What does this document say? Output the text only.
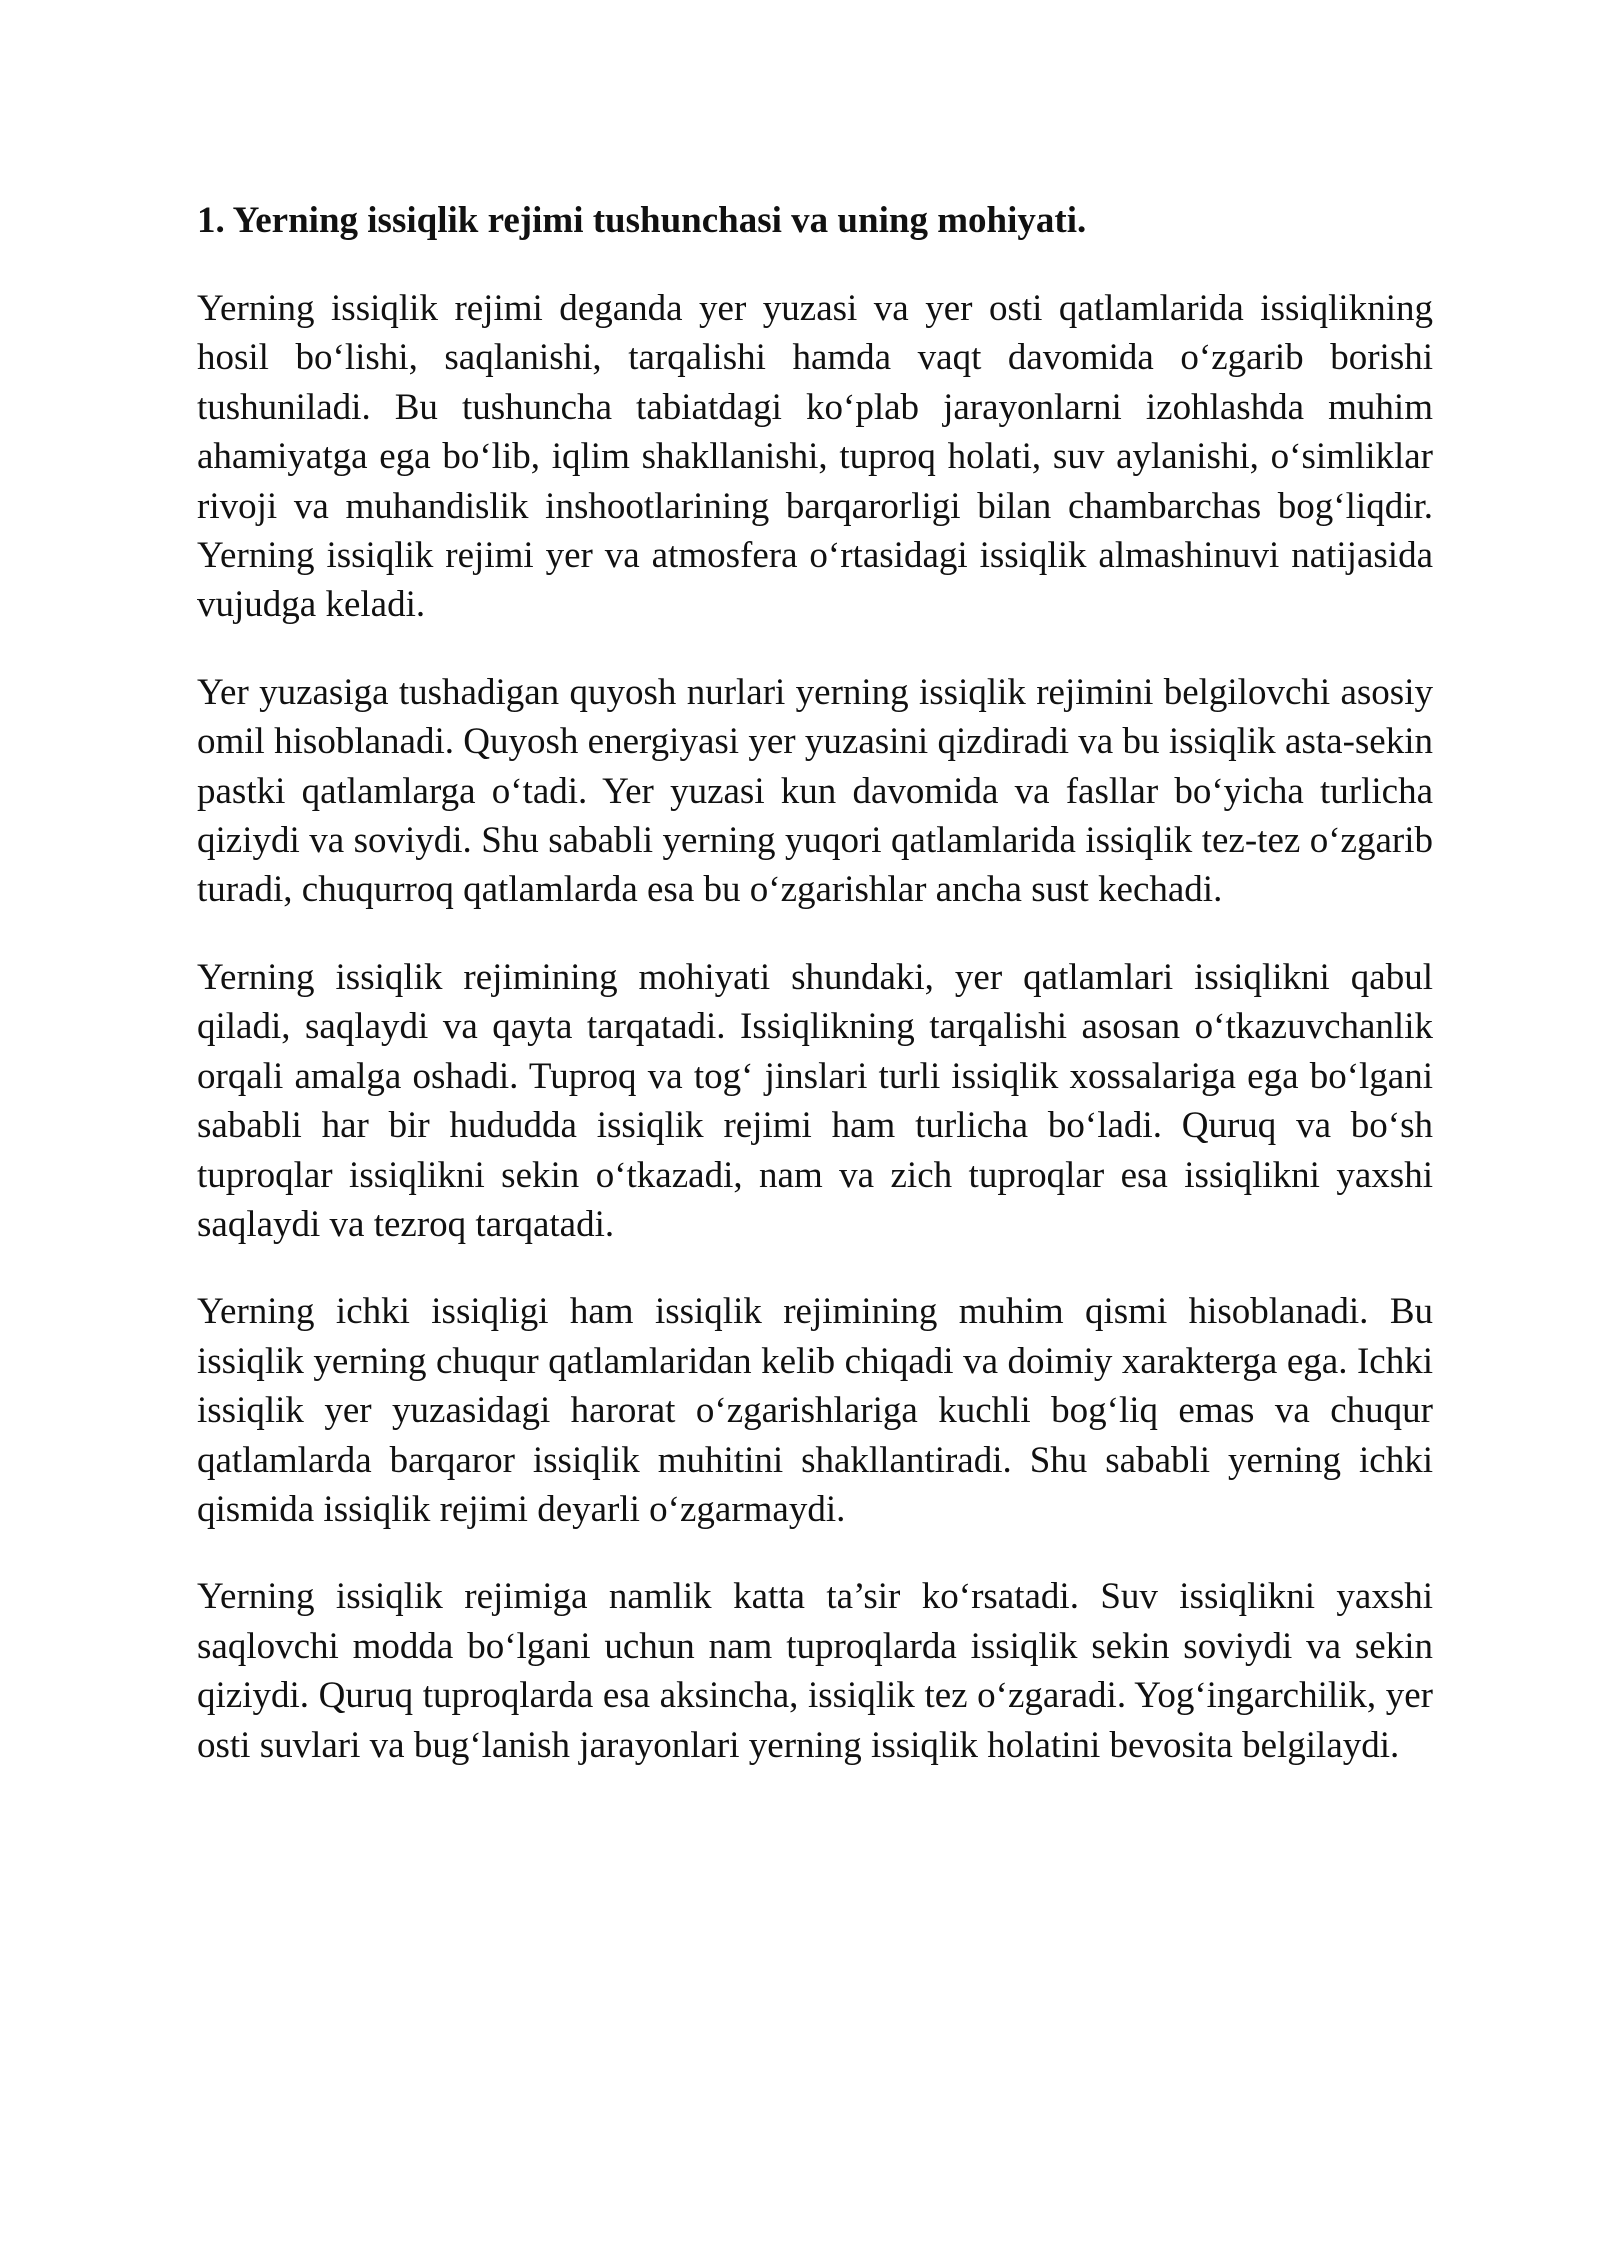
1. Yerning issiqlik rejimi tushunchasi va uning mohiyati.

Yerning issiqlik rejimi deganda yer yuzasi va yer osti qatlamlarida issiqlikning hosil bo‘lishi, saqlanishi, tarqalishi hamda vaqt davomida o‘zgarib borishi tushuniladi. Bu tushuncha tabiatdagi ko‘plab jarayonlarni izohlashda muhim ahamiyatga ega bo‘lib, iqlim shakllanishi, tuproq holati, suv aylanishi, o‘simliklar rivoji va muhandislik inshootlarining barqarorligi bilan chambarchas bog‘liqdir. Yerning issiqlik rejimi yer va atmosfera o‘rtasidagi issiqlik almashinuvi natijasida vujudga keladi.

Yer yuzasiga tushadigan quyosh nurlari yerning issiqlik rejimini belgilovchi asosiy omil hisoblanadi. Quyosh energiyasi yer yuzasini qizdiradi va bu issiqlik asta-sekin pastki qatlamlarga o‘tadi. Yer yuzasi kun davomida va fasllar bo‘yicha turlicha qiziydi va soviydi. Shu sababli yerning yuqori qatlamlarida issiqlik tez-tez o‘zgarib turadi, chuqurroq qatlamlarda esa bu o‘zgarishlar ancha sust kechadi.

Yerning issiqlik rejimining mohiyati shundaki, yer qatlamlari issiqlikni qabul qiladi, saqlaydi va qayta tarqatadi. Issiqlikning tarqalishi asosan o‘tkazuvchanlik orqali amalga oshadi. Tuproq va tog‘ jinslari turli issiqlik xossalariga ega bo‘lgani sababli har bir hududda issiqlik rejimi ham turlicha bo‘ladi. Quruq va bo‘sh tuproqlar issiqlikni sekin o‘tkazadi, nam va zich tuproqlar esa issiqlikni yaxshi saqlaydi va tezroq tarqatadi.

Yerning ichki issiqligi ham issiqlik rejimining muhim qismi hisoblanadi. Bu issiqlik yerning chuqur qatlamlaridan kelib chiqadi va doimiy xarakterga ega. Ichki issiqlik yer yuzasidagi harorat o‘zgarishlariga kuchli bog‘liq emas va chuqur qatlamlarda barqaror issiqlik muhitini shakllantiradi. Shu sababli yerning ichki qismida issiqlik rejimi deyarli o‘zgarmaydi.

Yerning issiqlik rejimiga namlik katta ta’sir ko‘rsatadi. Suv issiqlikni yaxshi saqlovchi modda bo‘lgani uchun nam tuproqlarda issiqlik sekin soviydi va sekin qiziydi. Quruq tuproqlarda esa aksincha, issiqlik tez o‘zgaradi. Yog‘ingarchilik, yer osti suvlari va bug‘lanish jarayonlari yerning issiqlik holatini bevosita belgilaydi.
